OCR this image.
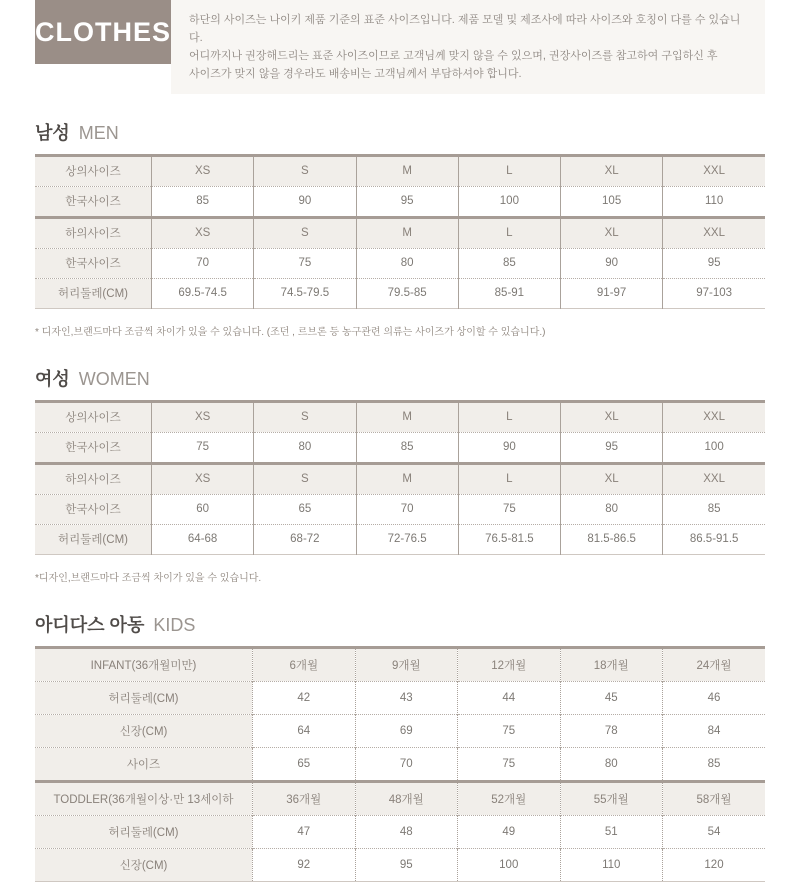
CLOTHES 하단의 사이즈는 나이키 제품 기준의 표준 사이즈입니다. 제품 모델 및 제조사에 따라 사이즈와 호칭이 다를 수 있습니다.
어디까지나 권장해드리는 표준 사이즈이므로 고객님께 맞지 않을 수 있으며, 권장사이즈를 참고하여 구입하신 후
사이즈가 맞지 않을 경우라도 배송비는 고객님께서 부담하셔야 합니다.
남성 MEN
상의사이즈	XS	S	M	L	XL	XXL
한국사이즈	85	90	95	100	105	110
하의사이즈	XS	S	M	L	XL	XXL
한국사이즈	70	75	80	85	90	95
허리둘레(CM)	69.5-74.5	74.5-79.5	79.5-85	85-91	91-97	97-103
* 디자인,브랜드마다 조금씩 차이가 있을 수 있습니다. (조던 , 르브론 등 농구관련 의류는 사이즈가 상이할 수 있습니다.)
여성 WOMEN
상의사이즈	XS	S	M	L	XL	XXL
한국사이즈	75	80	85	90	95	100
하의사이즈	XS	S	M	L	XL	XXL
한국사이즈	60	65	70	75	80	85
허리둘레(CM)	64-68	68-72	72-76.5	76.5-81.5	81.5-86.5	86.5-91.5
*디자인,브랜드마다 조금씩 차이가 있을 수 있습니다.
아디다스 아동 KIDS
INFANT(36개월미만)	6개월	9개월	12개월	18개월	24개월
허리둘레(CM)	42	43	44	45	46
신장(CM)	64	69	75	78	84
사이즈	65	70	75	80	85
TODDLER(36개월이상·만 13세이하	36개월	48개월	52개월	55개월	58개월
허리둘레(CM)	47	48	49	51	54
신장(CM)	92	95	100	110	120
